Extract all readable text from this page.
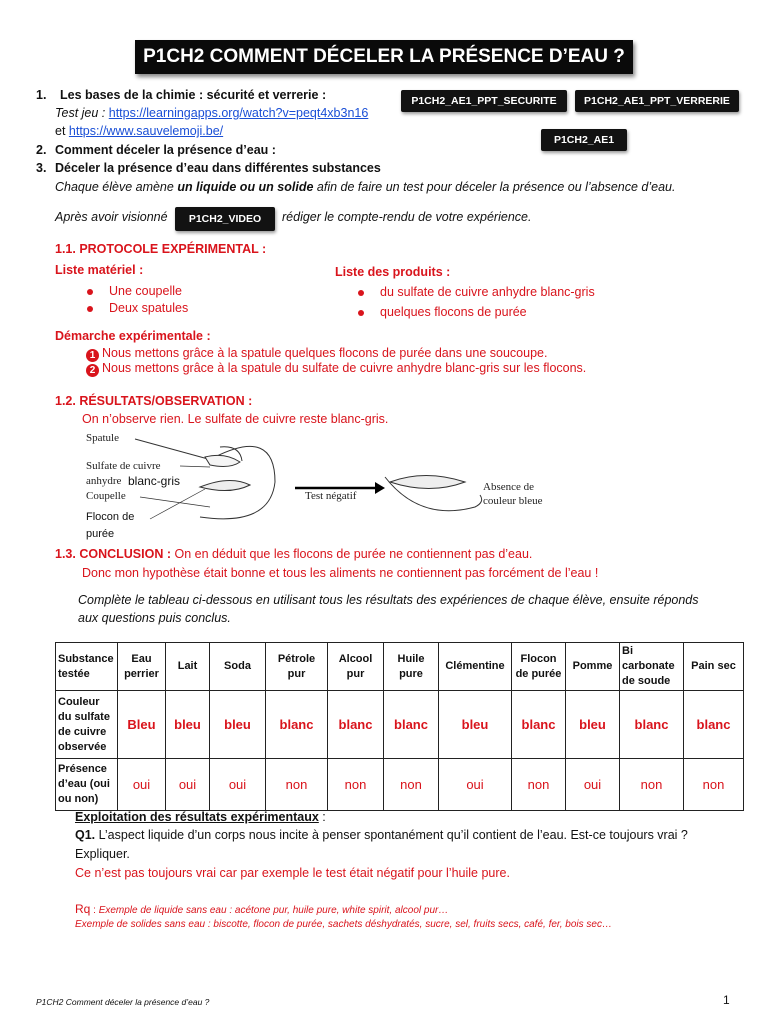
P1CH2 COMMENT DÉCELER LA PRÉSENCE D’EAU ?
P1CH2_AE1_PPT_SECURITE	P1CH2_AE1_PPT_VERRERIE
P1CH2_AE1
1. Les bases de la chimie : sécurité et verrerie :
Test jeu : https://learningapps.org/watch?v=peqt4xb3n16
et https://www.sauvelemoji.be/
2. Comment déceler la présence d’eau :
3. Déceler la présence d’eau dans différentes substances
Chaque élève amène un liquide ou un solide afin de faire un test pour déceler la présence ou l’absence d’eau.
Après avoir visionné	P1CH2_VIDEO	rédiger le compte-rendu de votre expérience.
1.1. PROTOCOLE EXPÉRIMENTAL :
Liste matériel :
Une coupelle
Deux spatules
Liste des produits :
du sulfate de cuivre anhydre blanc-gris
quelques flocons de purée
Démarche expérimentale :
1 Nous mettons grâce à la spatule quelques flocons de purée dans une soucoupe.
2 Nous mettons grâce à la spatule du sulfate de cuivre anhydre blanc-gris sur les flocons.
1.2. RÉSULTATS/OBSERVATION :
On n’observe rien. Le sulfate de cuivre reste blanc-gris.
Spatule
Sulfate de cuivre
anhydre blanc-gris
Coupelle
Flocon de
purée
Test négatif
Absence de
couleur bleue
1.3. CONCLUSION : On en déduit que les flocons de purée ne contiennent pas d’eau.
Donc mon hypothèse était bonne et tous les aliments ne contiennent pas forcément de l’eau !
Complète le tableau ci-dessous en utilisant tous les résultats des expériences de chaque élève, ensuite réponds
aux questions puis conclus.
Substance testée	Eau perrier	Lait	Soda	Pétrole pur	Alcool pur	Huile pure	Clémentine	Flocon de purée	Pomme	Bi carbonate de soude	Pain sec
Couleur du sulfate de cuivre observée	Bleu	bleu	bleu	blanc	blanc	blanc	bleu	blanc	bleu	blanc	blanc
Présence d’eau (oui ou non)	oui	oui	oui	non	non	non	oui	non	oui	non	non
Exploitation des résultats expérimentaux :
Q1. L’aspect liquide d’un corps nous incite à penser spontanément qu’il contient de l’eau. Est-ce toujours vrai ?
Expliquer.
Ce n’est pas toujours vrai car par exemple le test était négatif pour l’huile pure.
Rq : Exemple de liquide sans eau : acétone pur, huile pure, white spirit, alcool pur…
Exemple de solides sans eau : biscotte, flocon de purée, sachets déshydratés, sucre, sel, fruits secs, café, fer, bois sec…
P1CH2 Comment déceler la présence d’eau ?	1
